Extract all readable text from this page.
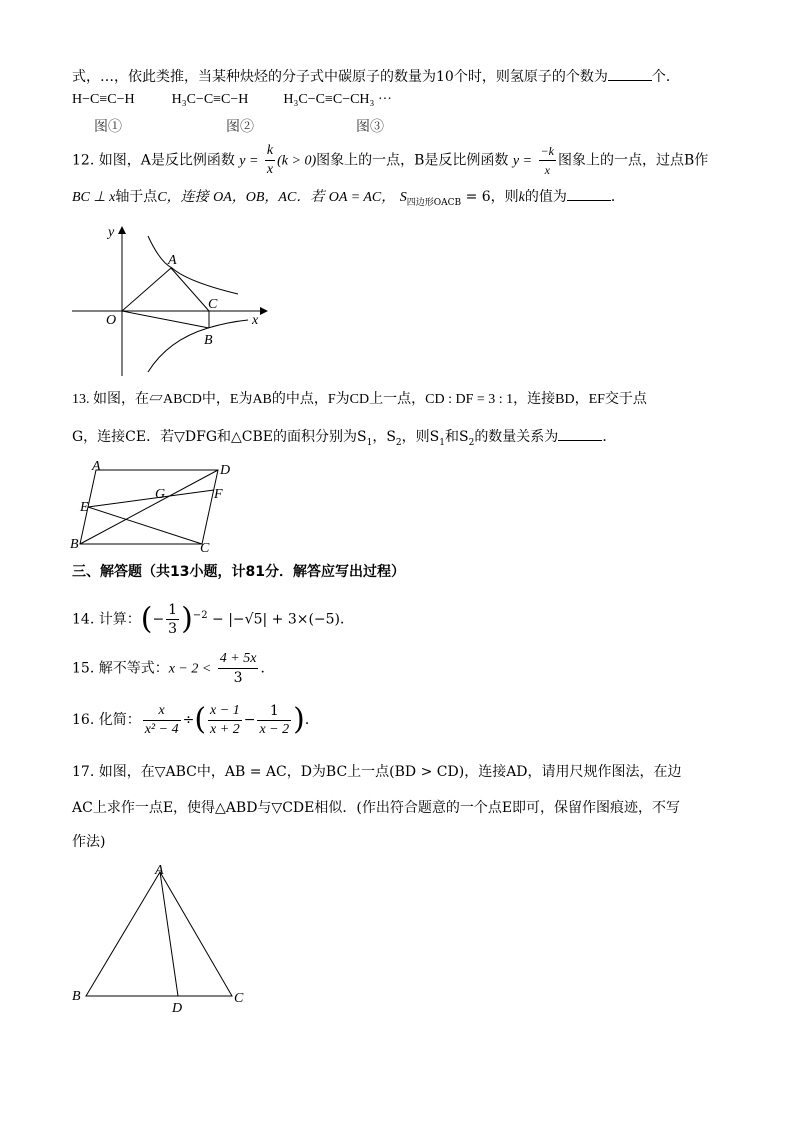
式，…，依此类推，当某种炔烃的分子式中碳原子的数量为10个时，则氢原子的个数为	个．
H−C≡C−H	H₃C−C≡C−H	H₃C−C≡C−CH₃ ···
图①	图②	图③
12. 如图，A是反比例函数 $y = \frac{k}{x} (k > 0)$图象上的一点，B是反比例函数 $y = \frac{-k}{x}$ 图象上的一点，过点B作
BC ⊥ x轴于点C，连接 OA，OB，AC．若 OA = AC， $S_{四边形OACB} = 6$，则k的值为	．
y
x
A
C
O
B
13. 如图，在▱ABCD中，E为AB的中点，F为CD上一点，CD : DF = 3 : 1，连接BD，EF交于点
G，连接CE．若▽DFG和△CBE的面积分别为$S_1$，$S_2$，则$S_1$和$S_2$的数量关系为	．
A	D
E
G	F
B	C
三、解答题（共13小题，计81分．解答应写出过程）
14. 计算：(− $\frac{1}{3} )^{-2} - |-√5| + 3\times(-5)$．
15. 解不等式：$x - 2 < \frac{4 + 5x}{3}$ ．
16. 化简： $\frac{x}{\text{x² − 4}}$ ÷( $\frac{x - 1}{x + 2} - \frac{1}{x - 2}$ )．
17. 如图，在▽ABC中，AB = AC，D为BC上一点(BD > CD)，连接AD，请用尺规作图法，在边
AC上求作一点E，使得△ABD与▽CDE相似．(作出符合题意的一个点E即可，保留作图痕迹，不写
作法)
A
B
D
C
